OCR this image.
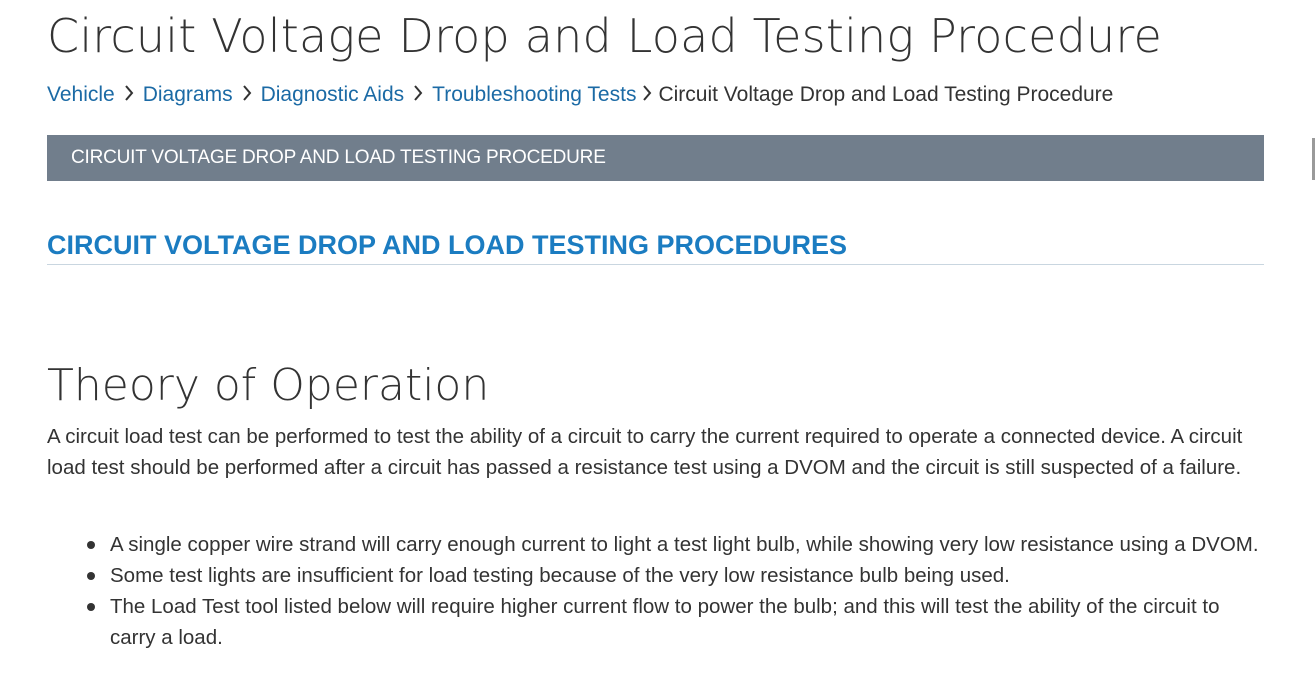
Circuit Voltage Drop and Load Testing Procedure
Vehicle Diagrams Diagnostic Aids Troubleshooting Tests Circuit Voltage Drop and Load Testing Procedure
CIRCUIT VOLTAGE DROP AND LOAD TESTING PROCEDURE
CIRCUIT VOLTAGE DROP AND LOAD TESTING PROCEDURES
Theory of Operation

A circuit load test can be performed to test the ability of a circuit to carry the current required to operate a connected device. A circuit load test should be performed after a circuit has passed a resistance test using a DVOM and the circuit is still suspected of a failure.

A single copper wire strand will carry enough current to light a test light bulb, while showing very low resistance using a DVOM.
Some test lights are insufficient for load testing because of the very low resistance bulb being used.
The Load Test tool listed below will require higher current flow to power the bulb; and this will test the ability of the circuit to carry a load.
